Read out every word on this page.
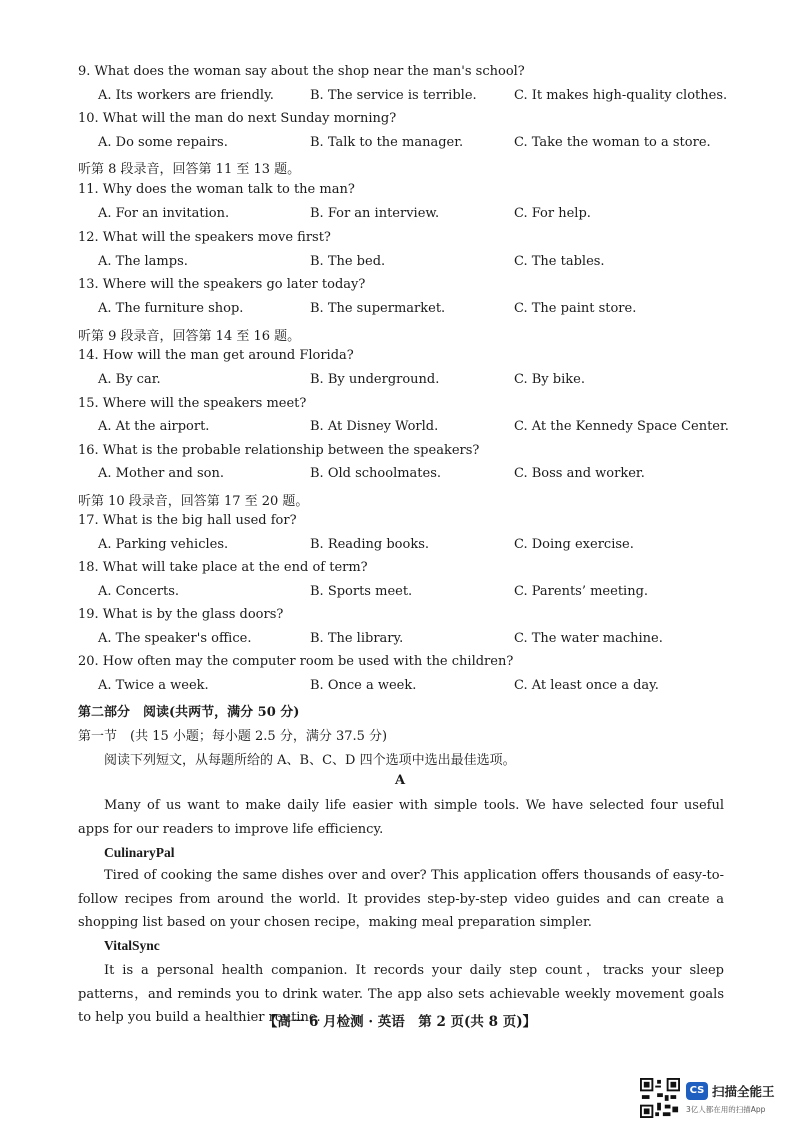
9. What does the woman say about the shop near the man's school?
A. Its workers are friendly.	B. The service is terrible.	C. It makes high-quality clothes.
10. What will the man do next Sunday morning?
A. Do some repairs.	B. Talk to the manager.	C. Take the woman to a store.
听第 8 段录音，回答第 11 至 13 题。
11. Why does the woman talk to the man?
A. For an invitation.	B. For an interview.	C. For help.
12. What will the speakers move first?
A. The lamps.	B. The bed.	C. The tables.
13. Where will the speakers go later today?
A. The furniture shop.	B. The supermarket.	C. The paint store.
听第 9 段录音，回答第 14 至 16 题。
14. How will the man get around Florida?
A. By car.	B. By underground.	C. By bike.
15. Where will the speakers meet?
A. At the airport.	B. At Disney World.	C. At the Kennedy Space Center.
16. What is the probable relationship between the speakers?
A. Mother and son.	B. Old schoolmates.	C. Boss and worker.
听第 10 段录音，回答第 17 至 20 题。
17. What is the big hall used for?
A. Parking vehicles.	B. Reading books.	C. Doing exercise.
18. What will take place at the end of term?
A. Concerts.	B. Sports meet.	C. Parents’ meeting.
19. What is by the glass doors?
A. The speaker's office.	B. The library.	C. The water machine.
20. How often may the computer room be used with the children?
A. Twice a week.	B. Once a week.	C. At least once a day.
第二部分　阅读(共两节，满分 50 分)
第一节　(共 15 小题；每小题 2.5 分，满分 37.5 分)
阅读下列短文，从每题所给的 A、B、C、D 四个选项中选出最佳选项。
A
Many of us want to make daily life easier with simple tools. We have selected four useful apps for our readers to improve life efficiency.
CulinaryPal
Tired of cooking the same dishes over and over? This application offers thousands of easy-to-follow recipes from around the world. It provides step-by-step video guides and can create a shopping list based on your chosen recipe，making meal preparation simpler.
VitalSync
It is a personal health companion. It records your daily step count，tracks your sleep patterns，and reminds you to drink water. The app also sets achievable weekly movement goals to help you build a healthier routine.
【高一 6 月检测 · 英语　第 2 页(共 8 页)】
CS 扫描全能王
3亿人都在用的扫描App
